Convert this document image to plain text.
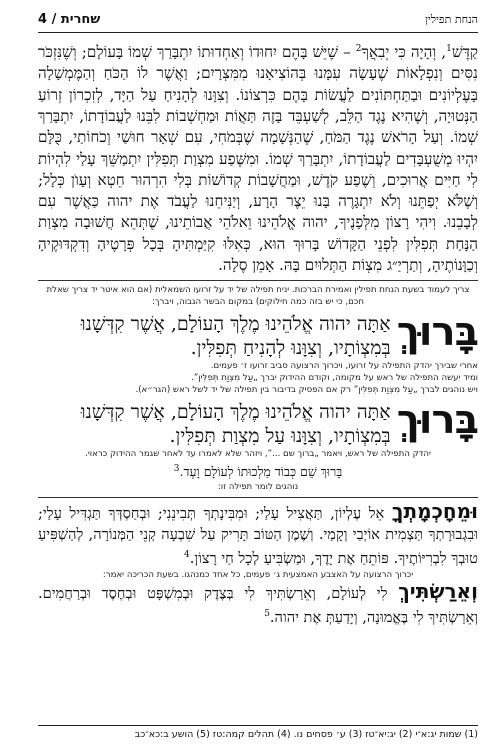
הנחת תפילין
4 / שחרית
קַדֶּשׁ$^1$, וְהָיָה כִּי יְבִאֲךָ$^2$ – שֶׁיֵּשׁ בָּהֶם יִחוּדוֹ וְאַחְדוּתוֹ יִתְבָּרַךְ שְׁמוֹ בָּעוֹלָם; וְשֶׁנִּזְכֹּר נִסִּים וְנִפְלָאוֹת שֶׁעָשָׂה עִמָּנוּ בְּהוֹצִיאָנוּ מִמִּצְרָיִם; וַאֲשֶׁר לוֹ הַכֹּחַ וְהַמֶּמְשָׁלָה בָּעֶלְיוֹנִים וּבַתַּחְתּוֹנִים לַעֲשׂוֹת בָּהֶם כִּרְצוֹנוֹ. וְצִוָּנוּ לְהָנִיחַ עַל הַיָּד, לְזִכְרוֹן זְרוֹעַ הַנְּטוּיָה, וְשֶׁהִיא נֶגֶד הַלֵּב, לְשַׁעְבֵּד בָּזֶה תַּאֲוֹת וּמַחְשְׁבוֹת לִבֵּנוּ לַעֲבוֹדָתוֹ, יִתְבָּרַךְ שְׁמוֹ. וְעַל הָרֹאשׁ נֶגֶד הַמֹּחַ, שֶׁהַנְּשָׁמָה שֶׁבְּמֹחִי, עִם שְׁאָר חוּשַׁי וְכֹחוֹתַי, כֻּלָּם יִהְיוּ מְשֻׁעְבָּדִים לַעֲבוֹדָתוֹ, יִתְבָּרַךְ שְׁמוֹ. וּמִשֶּׁפַע מִצְוַת תְּפִלִּין יִתְמַשֵּׁךְ עָלַי לִהְיוֹת לִי חַיִּים אֲרוּכִים, וְשֶׁפַע קֹדֶשׁ, וּמַחֲשָׁבוֹת קְדוֹשׁוֹת בְּלִי הִרְהוּר חֵטְא וְעָוֺן כְּלָל; וְשֶׁלֹּא יְפַתֵּנוּ וְלֹא יִתְגָּרֶה בָּנוּ יֵצֶר הָרָע, וְיַנִּיחֵנוּ לַעֲבֹד אֶת יהוה כַּאֲשֶׁר עִם לְבָבֵנוּ. וִיהִי רָצוֹן מִלְּפָנֶיךָ, יהוה אֱלֹהֵינוּ וֵאלֹהֵי אֲבוֹתֵינוּ, שֶׁתְּהֵא חֲשׁוּבָה מִצְוַת הַנָּחַת תְּפִלִּין לִפְנֵי הַקָּדוֹשׁ בָּרוּךְ הוּא, כְּאִלּוּ קִיַּמְתִּיהָ בְּכָל פְּרָטֶיהָ וְדִקְדּוּקֶיהָ וְכַוָּנוֹתֶיהָ, וְתַרְיַ״ג מִצְוֹת הַתְּלוּיִם בָּהּ. אָמֵן סֶלָה.
צריך לעמוד בשעת הנחת תפילין ואמירת הברכות. יניח תפילה של יד על זרועו השמאלית (אם הוא איטר יד צריך שאלת חכם, כי יש בזה כמה חילוקים) במקום הבשר הגבוה, ויברך:
בָּרוּךְ
אַתָּה יהוה אֱלֹהֵינוּ מֶלֶךְ הָעוֹלָם, אֲשֶׁר קִדְּשָׁנוּ בְּמִצְוֹתָיו, וְצִוָּנוּ לְהָנִיחַ תְּפִלִּין.
אחרי שבירך יהדק התפילה על זרועו, ויכרוך הרצועה סביב זרועו ז׳ פעמים.
ומיד יעשה התפילה של ראש על מקומה, וקודם ההידוק יברך „עַל מִצְוַת תְּפִלִּין”.
ויש נוהגים לברך „עַל מִצְוַת תְּפִלִּין” רק אם הפסיק בדיבור בין תפילה של יד לשל ראש (הגר״א).
בָּרוּךְ
אַתָּה יהוה אֱלֹהֵינוּ מֶלֶךְ הָעוֹלָם, אֲשֶׁר קִדְּשָׁנוּ בְּמִצְוֹתָיו, וְצִוָּנוּ עַל מִצְוַת תְּפִלִּין.
יהדק התפילה של ראש, ויאמר „ברוך שם ...”, ויזהר שלא לאמרו עד לאחר שגמר ההידוק כראוי.
בָּרוּךְ שֵׁם כְּבוֹד מַלְכוּתוֹ לְעוֹלָם וָעֶד.$^3$
נוהגים לומר תפילה זו:
וּמֵחָכְמָתְךָ אֵל עֶלְיוֹן, תַּאֲצִיל עָלַי; וּמִבִּינָתְךָ תְּבִינֵנִי; וּבְחַסְדְּךָ תַּגְדִּיל עָלַי; וּבִגְבוּרָתְךָ תַּצְמִית אוֹיְבַי וְקָמַי. וְשֶׁמֶן הַטּוֹב תָּרִיק עַל שִׁבְעָה קְנֵי הַמְּנוֹרָה, לְהַשְׁפִּיעַ טוּבְךָ לִבְרִיּוֹתֶיךָ. פּוֹתֵחַ אֶת יָדֶךָ, וּמַשְׂבִּיעַ לְכָל חַי רָצוֹן.$^4$
יכרוך הרצועה על האצבע האמצעית ג׳ פעמים, כל אחד כמנהגו. בשעת הכריכה יאמר:
וְאֵרַשְׂתִּיךְ לִי לְעוֹלָם, וְאֵרַשְׂתִּיךְ לִי בְּצֶדֶק וּבְמִשְׁפָּט וּבְחֶסֶד וּבְרַחֲמִים. וְאֵרַשְׂתִּיךְ לִי בֶּאֱמוּנָה, וְיָדַעַתְּ אֶת יהוה.$^5$
(1) שמות יג:א־י (2) יג:יא־טז (3) ע׳ פסחים נו. (4) תהלים קמה:טז (5) הושע ב:כא־כב
